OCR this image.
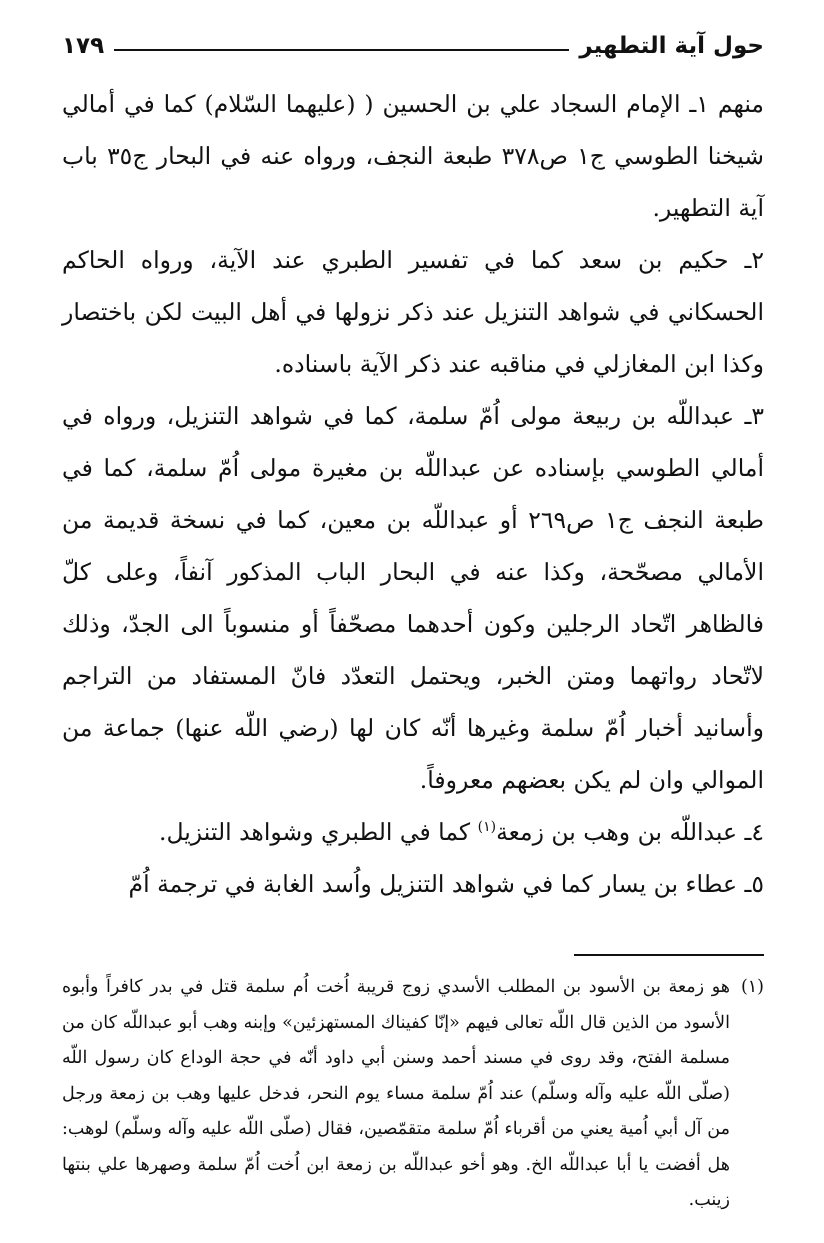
حول آية التطهير
١٧٩

منهم ١ـ الإمام السجاد علي بن الحسين ( (عليهما السّلام) كما في أمالي شيخنا الطوسي ج١ ص٣٧٨ طبعة النجف، ورواه عنه في البحار ج٣٥ باب آية التطهير.

٢ـ حكيم بن سعد كما في تفسير الطبري عند الآية، ورواه الحاكم الحسكاني في شواهد التنزيل عند ذكر نزولها في أهل البيت لكن باختصار وكذا ابن المغازلي في مناقبه عند ذكر الآية باسناده.

٣ـ عبداللّه بن ربيعة مولى اُمّ سلمة، كما في شواهد التنزيل، ورواه في أمالي الطوسي بإسناده عن عبداللّه بن مغيرة مولى اُمّ سلمة، كما في طبعة النجف ج١ ص٢٦٩ أو عبداللّه بن معين، كما في نسخة قديمة من الأمالي مصحّحة، وكذا عنه في البحار الباب المذكور آنفاً، وعلى كلّ فالظاهر اتّحاد الرجلين وكون أحدهما مصحّفاً أو منسوباً الى الجدّ، وذلك لاتّحاد رواتهما ومتن الخبر، ويحتمل التعدّد فانّ المستفاد من التراجم وأسانيد أخبار اُمّ سلمة وغيرها أنّه كان لها (رضي اللّه عنها) جماعة من الموالي وان لم يكن بعضهم معروفاً.

٤ـ عبداللّه بن وهب بن زمعة$^{(١)}$ كما في الطبري وشواهد التنزيل.

٥ـ عطاء بن يسار كما في شواهد التنزيل واُسد الغابة في ترجمة اُمّ

(١)
هو زمعة بن الأسود بن المطلب الأسدي زوج قريبة اُخت اُم سلمة قتل في بدر كافراً وأبوه الأسود من الذين قال اللّه تعالى فيهم «إنّا كفيناك المستهزئين» وإبنه وهب أبو عبداللّه كان من مسلمة الفتح، وقد روى في مسند أحمد وسنن أبي داود أنّه في حجة الوداع كان رسول اللّه (صلّى اللّه عليه وآله وسلّم) عند اُمّ سلمة مساء يوم النحر، فدخل عليها وهب بن زمعة ورجل من آل أبي اُمية يعني من أقرباء اُمّ سلمة متقمّصين، فقال (صلّى اللّه عليه وآله وسلّم) لوهب: هل أفضت يا أبا عبداللّه الخ. وهو أخو عبداللّه بن زمعة ابن اُخت اُمّ سلمة وصهرها علي بنتها زينب.
